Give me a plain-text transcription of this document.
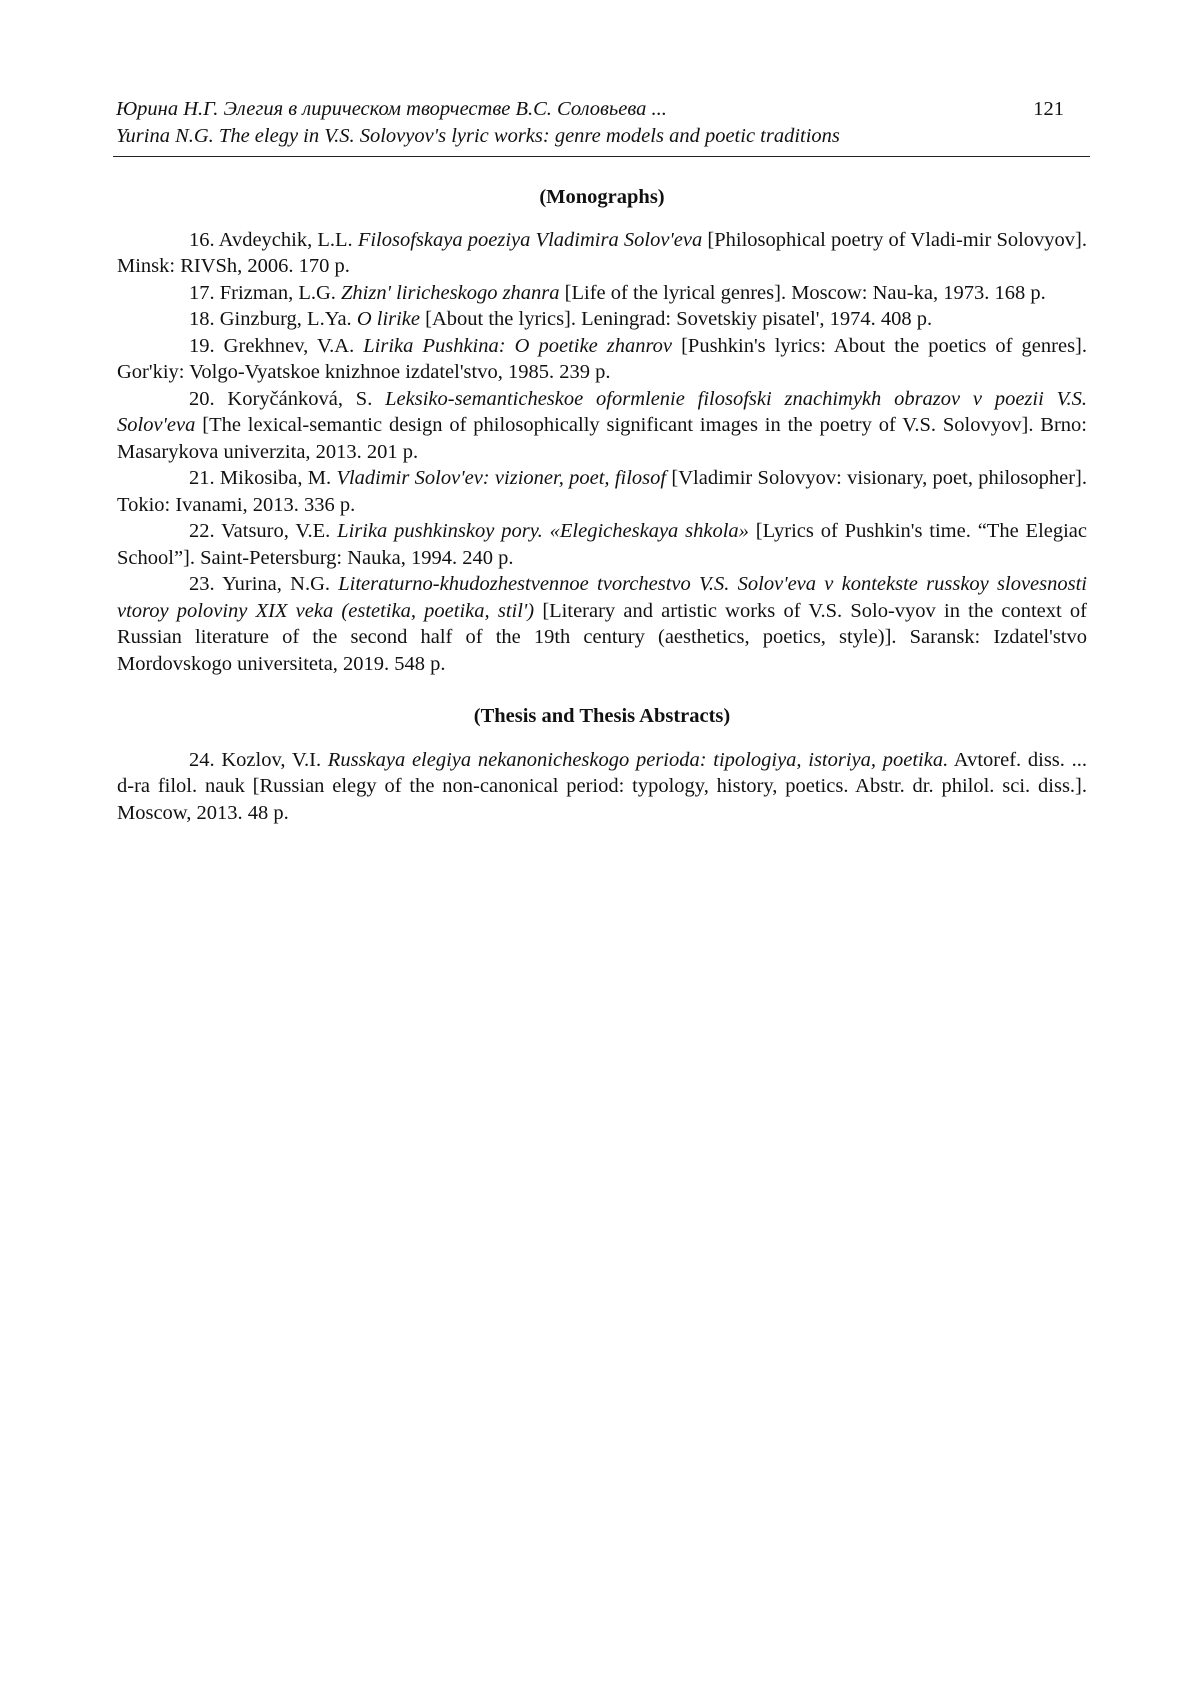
Юрина Н.Г. Элегия в лирическом творчестве В.С. Соловьева ...	121
Yurina N.G. The elegy in V.S. Solovyov's lyric works: genre models and poetic traditions

(Monographs)

16. Avdeychik, L.L. Filosofskaya poeziya Vladimira Solov'eva [Philosophical poetry of Vladi-mir Solovyov]. Minsk: RIVSh, 2006. 170 p.

17. Frizman, L.G. Zhizn' liricheskogo zhanra [Life of the lyrical genres]. Moscow: Nau-ka, 1973. 168 p.

18. Ginzburg, L.Ya. O lirike [About the lyrics]. Leningrad: Sovetskiy pisatel', 1974. 408 p.

19. Grekhnev, V.A. Lirika Pushkina: O poetike zhanrov [Pushkin's lyrics: About the poetics of genres]. Gor'kiy: Volgo-Vyatskoe knizhnoe izdatel'stvo, 1985. 239 p.

20. Koryčánková, S. Leksiko-semanticheskoe oformlenie filosofski znachimykh obrazov v poezii V.S. Solov'eva [The lexical-semantic design of philosophically significant images in the poetry of V.S. Solovyov]. Brno: Masarykova univerzita, 2013. 201 p.

21. Mikosiba, M. Vladimir Solov'ev: vizioner, poet, filosof [Vladimir Solovyov: visionary, poet, philosopher]. Tokio: Ivanami, 2013. 336 p.

22. Vatsuro, V.E. Lirika pushkinskoy pory. «Elegicheskaya shkola» [Lyrics of Pushkin's time. “The Elegiac School”]. Saint-Petersburg: Nauka, 1994. 240 p.

23. Yurina, N.G. Literaturno-khudozhestvennoe tvorchestvo V.S. Solov'eva v kontekste russkoy slovesnosti vtoroy poloviny XIX veka (estetika, poetika, stil') [Literary and artistic works of V.S. Solo-vyov in the context of Russian literature of the second half of the 19th century (aesthetics, poetics, style)]. Saransk: Izdatel'stvo Mordovskogo universiteta, 2019. 548 p.

(Thesis and Thesis Abstracts)

24. Kozlov, V.I. Russkaya elegiya nekanonicheskogo perioda: tipologiya, istoriya, poetika. Avtoref. diss. ... d-ra filol. nauk [Russian elegy of the non-canonical period: typology, history, poetics. Abstr. dr. philol. sci. diss.]. Moscow, 2013. 48 p.
